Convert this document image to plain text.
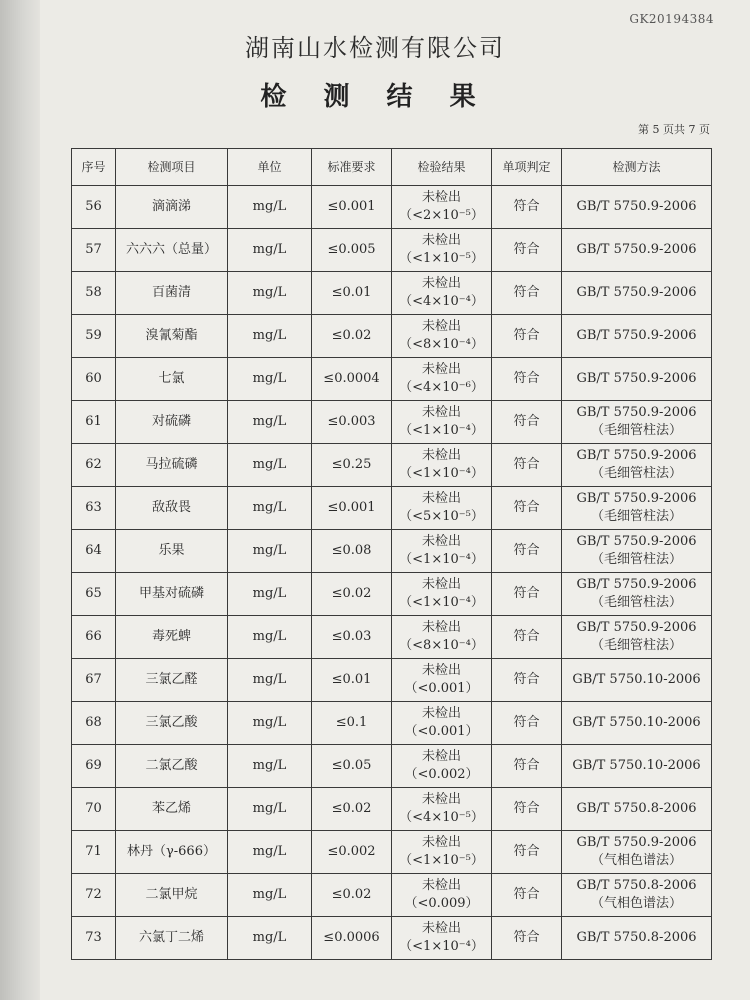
GK20194384
湖南山水检测有限公司
检 测 结 果
第 5 页共 7 页
序号	检测项目	单位	标准要求	检验结果	单项判定	检测方法

56	滴滴涕	mg/L	≤0.001	未检出
（<2×10⁻⁵）	符合	GB/T 5750.9-2006

57	六六六（总量）	mg/L	≤0.005	未检出
（<1×10⁻⁵）	符合	GB/T 5750.9-2006

58	百菌清	mg/L	≤0.01	未检出
（<4×10⁻⁴）	符合	GB/T 5750.9-2006

59	溴氰菊酯	mg/L	≤0.02	未检出
（<8×10⁻⁴）	符合	GB/T 5750.9-2006

60	七氯	mg/L	≤0.0004	未检出
（<4×10⁻⁶）	符合	GB/T 5750.9-2006

61	对硫磷	mg/L	≤0.003	未检出
（<1×10⁻⁴）	符合	GB/T 5750.9-2006
（毛细管柱法）

62	马拉硫磷	mg/L	≤0.25	未检出
（<1×10⁻⁴）	符合	GB/T 5750.9-2006
（毛细管柱法）

63	敌敌畏	mg/L	≤0.001	未检出
（<5×10⁻⁵）	符合	GB/T 5750.9-2006
（毛细管柱法）

64	乐果	mg/L	≤0.08	未检出
（<1×10⁻⁴）	符合	GB/T 5750.9-2006
（毛细管柱法）

65	甲基对硫磷	mg/L	≤0.02	未检出
（<1×10⁻⁴）	符合	GB/T 5750.9-2006
（毛细管柱法）

66	毒死蜱	mg/L	≤0.03	未检出
（<8×10⁻⁴）	符合	GB/T 5750.9-2006
（毛细管柱法）

67	三氯乙醛	mg/L	≤0.01	未检出
（<0.001）	符合	GB/T 5750.10-2006

68	三氯乙酸	mg/L	≤0.1	未检出
（<0.001）	符合	GB/T 5750.10-2006

69	二氯乙酸	mg/L	≤0.05	未检出
（<0.002）	符合	GB/T 5750.10-2006

70	苯乙烯	mg/L	≤0.02	未检出
（<4×10⁻⁵）	符合	GB/T 5750.8-2006

71	林丹（γ-666）	mg/L	≤0.002	未检出
（<1×10⁻⁵）	符合	GB/T 5750.9-2006
（气相色谱法）

72	二氯甲烷	mg/L	≤0.02	未检出
（<0.009）	符合	GB/T 5750.8-2006
（气相色谱法）

73	六氯丁二烯	mg/L	≤0.0006	未检出
（<1×10⁻⁴）	符合	GB/T 5750.8-2006
